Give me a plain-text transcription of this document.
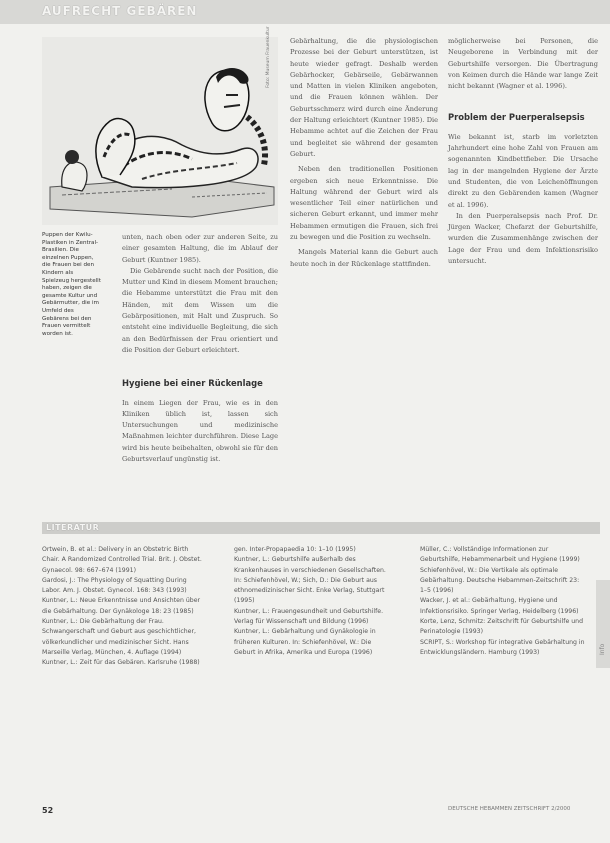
AUFRECHT GEBÄREN
Foto: Museum Frauenkultur
Puppen der Kwilu-Plastiken in Zentral-Brasilien. Die einzelnen Puppen, die Frauen bei den Kindern als Spielzeug hergestellt haben, zeigen die gesamte Kultur und Gebärmutter, die im Umfeld des Gebärens bei den Frauen vermittelt worden ist.

unten, nach oben oder zur anderen Seite, zu einer gesamten Haltung, die im Ablauf der Geburt (Kuntner 1985).

Die Gebärende sucht nach der Position, die Mutter und Kind in diesem Moment brauchen; die Hebamme unterstützt die Frau mit den Händen, mit dem Wissen um die Gebärpositionen, mit Halt und Zuspruch. So entsteht eine individuelle Begleitung, die sich an den Bedürfnissen der Frau orientiert und die Position der Geburt erleichtert.

Hygiene bei einer Rückenlage

In einem Liegen der Frau, wie es in den Kliniken üblich ist, lassen sich Untersuchungen und medizinische Maßnahmen leichter durchführen. Diese Lage wird bis heute beibehalten, obwohl sie für den Geburtsverlauf ungünstig ist.

Gebärhaltung, die die physiologischen Prozesse bei der Geburt unterstützen, ist heute wieder gefragt. Deshalb werden Gebärhocker, Gebärseile, Gebärwannen und Matten in vielen Kliniken angeboten, und die Frauen können wählen. Der Geburtsschmerz wird durch eine Änderung der Haltung erleichtert (Kuntner 1985). Die Hebamme achtet auf die Zeichen der Frau und begleitet sie während der gesamten Geburt.

Neben den traditionellen Positionen ergeben sich neue Erkenntnisse. Die Haltung während der Geburt wird als wesentlicher Teil einer natürlichen und sicheren Geburt erkannt, und immer mehr Hebammen ermutigen die Frauen, sich frei zu bewegen und die Position zu wechseln.

Mangels Material kann die Geburt auch heute noch in der Rückenlage stattfinden.

möglicherweise bei Personen, die Neugeborene in Verbindung mit der Geburtshilfe versorgen. Die Übertragung von Keimen durch die Hände war lange Zeit nicht bekannt (Wagner et al. 1996).

Problem der Puerperalsepsis

Wie bekannt ist, starb im vorletzten Jahrhundert eine hohe Zahl von Frauen am sogenannten Kindbettfieber. Die Ursache lag in der mangelnden Hygiene der Ärzte und Studenten, die von Leichenöffnungen direkt zu den Gebärenden kamen (Wagner et al. 1996).

In den Puerperalsepsis nach Prof. Dr. Jürgen Wacker, Chefarzt der Geburtshilfe, wurden die Zusammenhänge zwischen der Lage der Frau und dem Infektionsrisiko untersucht.

LITERATUR
Ortwein, B. et al.: Delivery in an Obstetric Birth Chair. A Randomized Controlled Trial. Brit. J. Obstet. Gynaecol. 98: 667–674 (1991)
Gardosi, J.: The Physiology of Squatting During Labor. Am. J. Obstet. Gynecol. 168: 343 (1993)
Kuntner, L.: Neue Erkenntnisse und Ansichten über die Gebärhaltung. Der Gynäkologe 18: 23 (1985)
Kuntner, L.: Die Gebärhaltung der Frau. Schwangerschaft und Geburt aus geschichtlicher, völkerkundlicher und medizinischer Sicht. Hans Marseille Verlag, München, 4. Auflage (1994)
Kuntner, L.: Zeit für das Gebären. Karlsruhe (1988)
gen. Inter-Propapaedia 10: 1–10 (1995)
Kuntner, L.: Geburtshilfe außerhalb des Krankenhauses in verschiedenen Gesellschaften. In: Schiefenhövel, W.; Sich, D.: Die Geburt aus ethnomedizinischer Sicht. Enke Verlag, Stuttgart (1995)
Kuntner, L.: Frauengesundheit und Geburtshilfe. Verlag für Wissenschaft und Bildung (1996)
Kuntner, L.: Gebärhaltung und Gynäkologie in früheren Kulturen. In: Schiefenhövel, W.: Die Geburt in Afrika, Amerika und Europa (1996)
Müller, C.: Vollständige Informationen zur Geburtshilfe, Hebammenarbeit und Hygiene (1999)
Schiefenhövel, W.: Die Vertikale als optimale Gebärhaltung. Deutsche Hebammen-Zeitschrift 23: 1–5 (1996)
Wacker, J. et al.: Gebärhaltung, Hygiene und Infektionsrisiko. Springer Verlag, Heidelberg (1996)
Korte, Lenz, Schmitz: Zeitschrift für Geburtshilfe und Perinatologie (1993)
SCRIPT, S.: Workshop für integrative Gebärhaltung in Entwicklungsländern. Hamburg (1993)	Info
52	DEUTSCHE HEBAMMEN ZEITSCHRIFT 2/2000
